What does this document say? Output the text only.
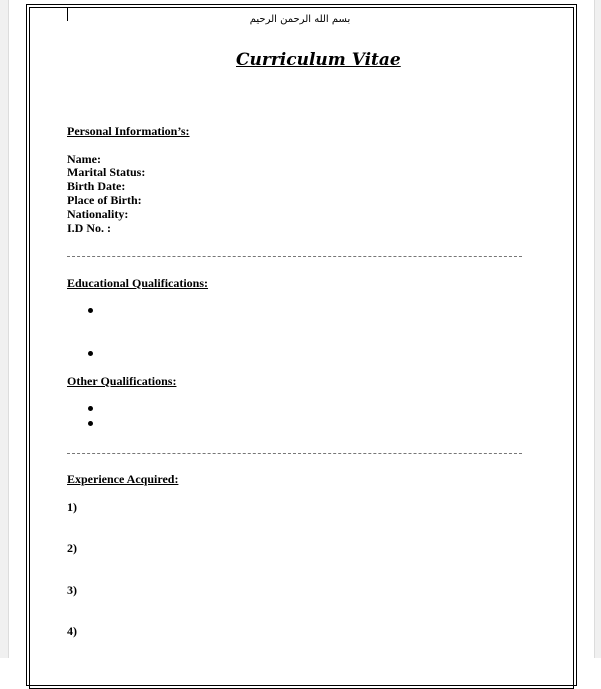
بسم الله الرحمن الرحيم
Curriculum Vitae
Personal Information’s:
Name:
Marital Status:
Birth Date:
Place of Birth:
Nationality:
I.D No. :
Educational Qualifications:
Other Qualifications:
Experience Acquired:
1)
2)
3)
4)
